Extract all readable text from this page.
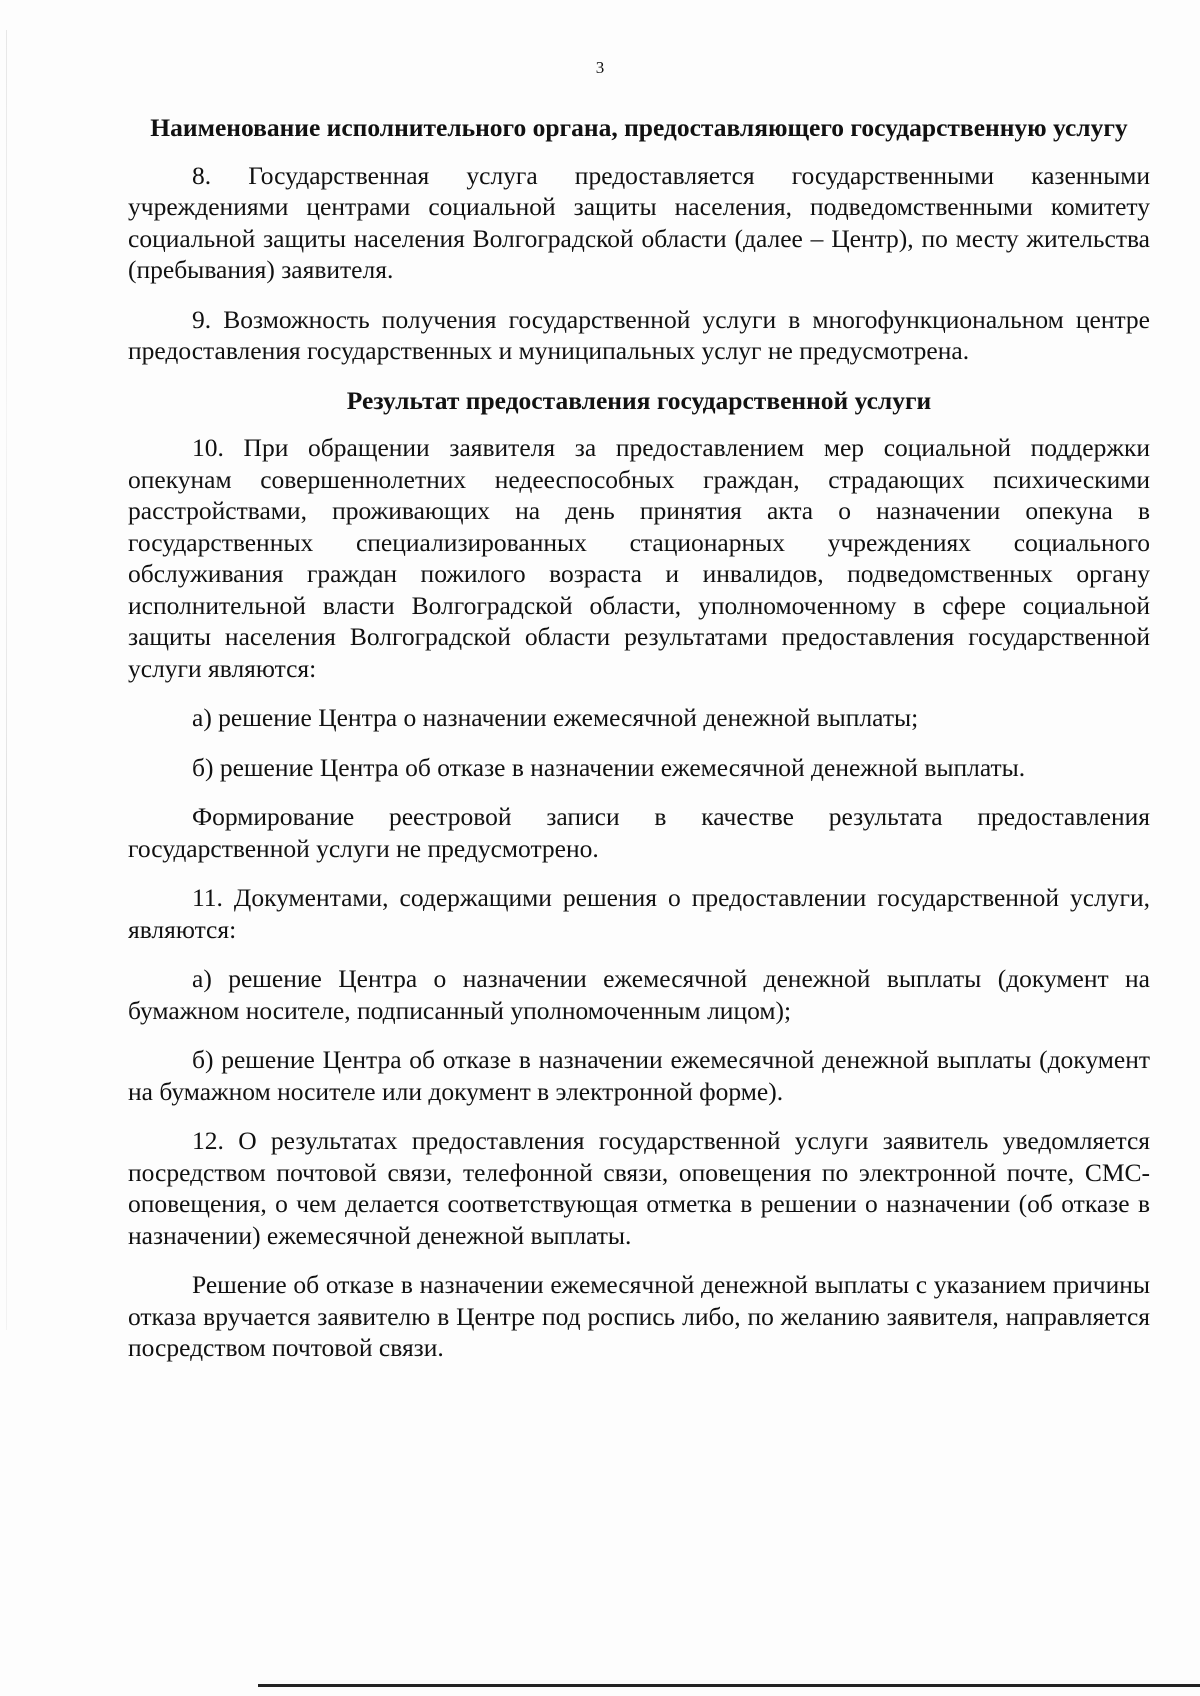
3

Наименование исполнительного органа, предоставляющего государственную услугу

8. Государственная услуга предоставляется государственными казенными учреждениями центрами социальной защиты населения, подведомственными комитету социальной защиты населения Волгоградской области (далее – Центр), по месту жительства (пребывания) заявителя.

9. Возможность получения государственной услуги в многофункциональном центре предоставления государственных и муниципальных услуг не предусмотрена.

Результат предоставления государственной услуги

10. При обращении заявителя за предоставлением мер социальной поддержки опекунам совершеннолетних недееспособных граждан, страдающих психическими расстройствами, проживающих на день принятия акта о назначении опекуна в государственных специализированных стационарных учреждениях социального обслуживания граждан пожилого возраста и инвалидов, подведомственных органу исполнительной власти Волгоградской области, уполномоченному в сфере социальной защиты населения Волгоградской области результатами предоставления государственной услуги являются:

а) решение Центра о назначении ежемесячной денежной выплаты;

б) решение Центра об отказе в назначении ежемесячной денежной выплаты.

Формирование реестровой записи в качестве результата предоставления государственной услуги не предусмотрено.

11. Документами, содержащими решения о предоставлении государственной услуги, являются:

а) решение Центра о назначении ежемесячной денежной выплаты (документ на бумажном носителе, подписанный уполномоченным лицом);

б) решение Центра об отказе в назначении ежемесячной денежной выплаты (документ на бумажном носителе или документ в электронной форме).

12. О результатах предоставления государственной услуги заявитель уведомляется посредством почтовой связи, телефонной связи, оповещения по электронной почте, СМС-оповещения, о чем делается соответствующая отметка в решении о назначении (об отказе в назначении) ежемесячной денежной выплаты.

Решение об отказе в назначении ежемесячной денежной выплаты с указанием причины отказа вручается заявителю в Центре под роспись либо, по желанию заявителя, направляется посредством почтовой связи.
